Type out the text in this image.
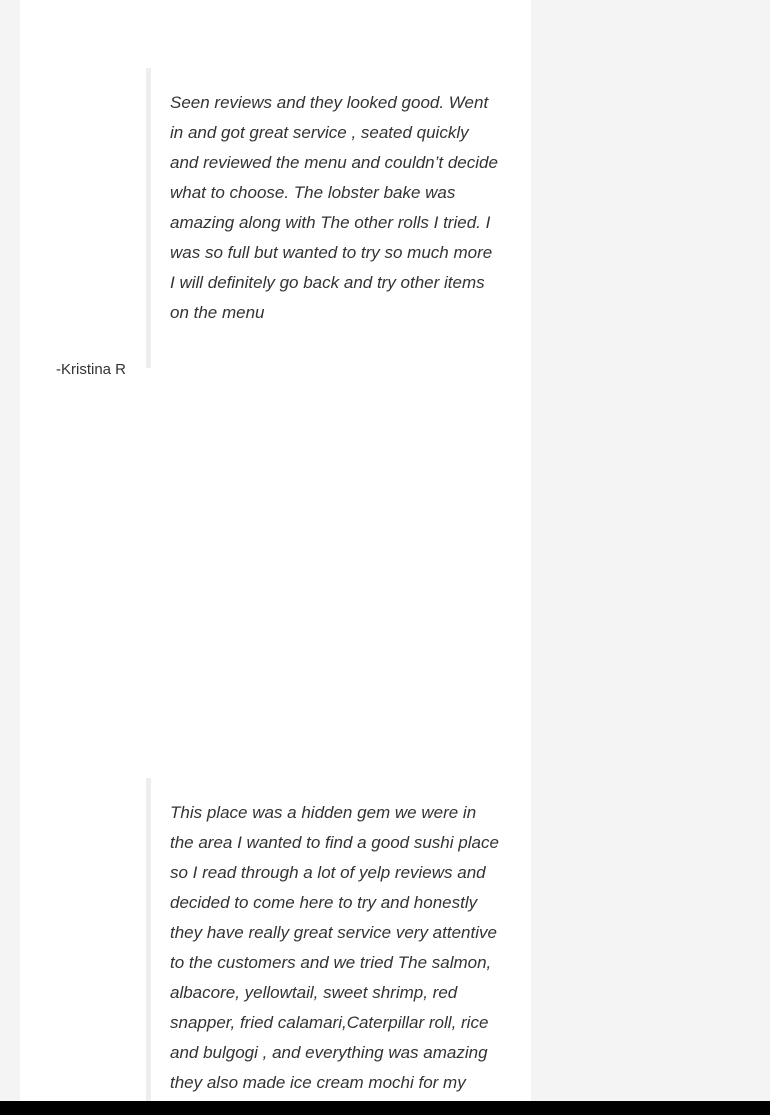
Seen reviews and they looked good. Went in and got great service , seated quickly and reviewed the menu and couldn’t decide what to choose. The lobster bake was amazing along with The other rolls I tried. I was so full but wanted to try so much more I will definitely go back and try other items on the menu

-Kristina R

This place was a hidden gem we were in the area I wanted to find a good sushi place so I read through a lot of yelp reviews and decided to come here to try and honestly they have really great service very attentive to the customers and we tried The salmon, albacore, yellowtail, sweet shrimp, red snapper, fried calamari,Caterpillar roll, rice and bulgogi , and everything was amazing they also made ice cream mochi for my
